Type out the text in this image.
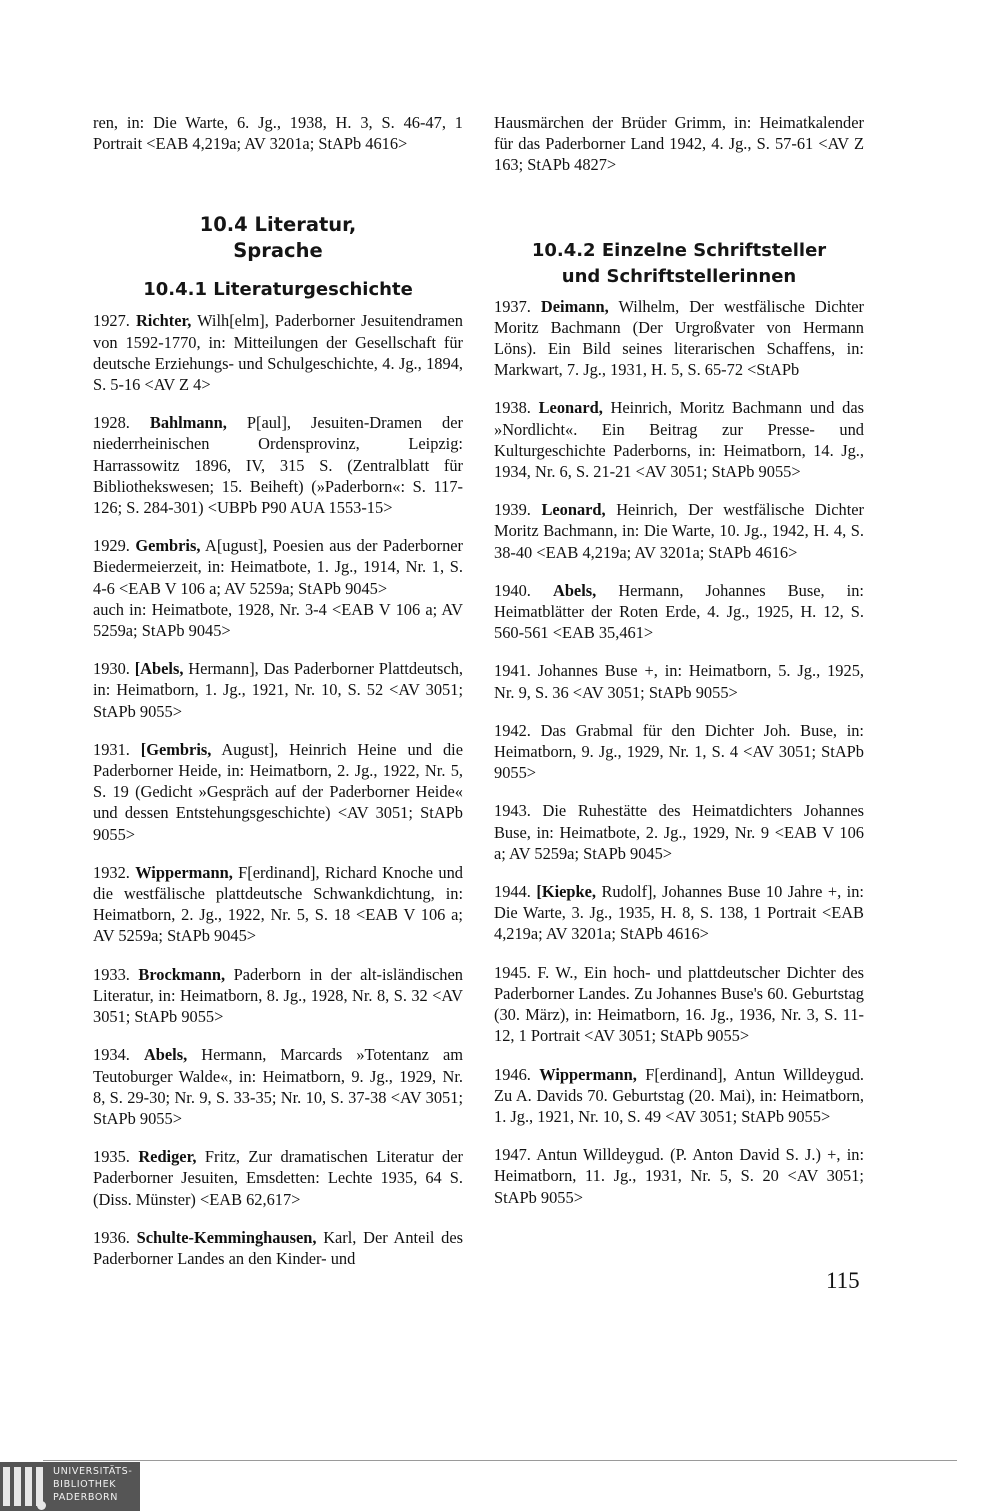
ren, in: Die Warte, 6. Jg., 1938, H. 3, S. 46-47, 1 Portrait <EAB 4,219a; AV 3201a; StAPb 4616>

10.4 Literatur,
Sprache
10.4.1 Literaturgeschichte

1927. Richter, Wilh[elm], Paderborner Jesuitendramen von 1592-1770, in: Mitteilungen der Gesellschaft für deutsche Erziehungs- und Schulgeschichte, 4. Jg., 1894, S. 5-16 <AV Z 4>

1928. Bahlmann, P[aul], Jesuiten-Dramen der niederrheinischen Ordensprovinz, Leipzig: Harrassowitz 1896, IV, 315 S. (Zentralblatt für Bibliothekswesen; 15. Beiheft) (»Paderborn«: S. 117-126; S. 284-301) <UBPb P90 AUA 1553-15>

1929. Gembris, A[ugust], Poesien aus der Paderborner Biedermeierzeit, in: Heimatbote, 1. Jg., 1914, Nr. 1, S. 4-6 <EAB V 106 a; AV 5259a; StAPb 9045>

auch in: Heimatbote, 1928, Nr. 3-4 <EAB V 106 a; AV 5259a; StAPb 9045>

1930. [Abels, Hermann], Das Paderborner Plattdeutsch, in: Heimatborn, 1. Jg., 1921, Nr. 10, S. 52 <AV 3051; StAPb 9055>

1931. [Gembris, August], Heinrich Heine und die Paderborner Heide, in: Heimatborn, 2. Jg., 1922, Nr. 5, S. 19 (Gedicht »Gespräch auf der Paderborner Heide« und dessen Entstehungsgeschichte) <AV 3051; StAPb 9055>

1932. Wippermann, F[erdinand], Richard Knoche und die westfälische plattdeutsche Schwankdichtung, in: Heimatborn, 2. Jg., 1922, Nr. 5, S. 18 <EAB V 106 a; AV 5259a; StAPb 9045>

1933. Brockmann, Paderborn in der alt-isländischen Literatur, in: Heimatborn, 8. Jg., 1928, Nr. 8, S. 32 <AV 3051; StAPb 9055>

1934. Abels, Hermann, Marcards »Totentanz am Teutoburger Walde«, in: Heimatborn, 9. Jg., 1929, Nr. 8, S. 29-30; Nr. 9, S. 33-35; Nr. 10, S. 37-38 <AV 3051; StAPb 9055>

1935. Rediger, Fritz, Zur dramatischen Literatur der Paderborner Jesuiten, Emsdetten: Lechte 1935, 64 S. (Diss. Münster) <EAB 62,617>

1936. Schulte-Kemminghausen, Karl, Der Anteil des Paderborner Landes an den Kinder- und

Hausmärchen der Brüder Grimm, in: Heimatkalender für das Paderborner Land 1942, 4. Jg., S. 57-61 <AV Z 163; StAPb 4827>

10.4.2 Einzelne Schriftsteller
und Schriftstellerinnen

1937. Deimann, Wilhelm, Der westfälische Dichter Moritz Bachmann (Der Urgroßvater von Hermann Löns). Ein Bild seines literarischen Schaffens, in: Markwart, 7. Jg., 1931, H. 5, S. 65-72 <StAPb

1938. Leonard, Heinrich, Moritz Bachmann und das »Nordlicht«. Ein Beitrag zur Presse- und Kulturgeschichte Paderborns, in: Heimatborn, 14. Jg., 1934, Nr. 6, S. 21-21 <AV 3051; StAPb 9055>

1939. Leonard, Heinrich, Der westfälische Dichter Moritz Bachmann, in: Die Warte, 10. Jg., 1942, H. 4, S. 38-40 <EAB 4,219a; AV 3201a; StAPb 4616>

1940. Abels, Hermann, Johannes Buse, in: Heimatblätter der Roten Erde, 4. Jg., 1925, H. 12, S. 560-561 <EAB 35,461>

1941. Johannes Buse +, in: Heimatborn, 5. Jg., 1925, Nr. 9, S. 36 <AV 3051; StAPb 9055>

1942. Das Grabmal für den Dichter Joh. Buse, in: Heimatborn, 9. Jg., 1929, Nr. 1, S. 4 <AV 3051; StAPb 9055>

1943. Die Ruhestätte des Heimatdichters Johannes Buse, in: Heimatbote, 2. Jg., 1929, Nr. 9 <EAB V 106 a; AV 5259a; StAPb 9045>

1944. [Kiepke, Rudolf], Johannes Buse 10 Jahre +, in: Die Warte, 3. Jg., 1935, H. 8, S. 138, 1 Portrait <EAB 4,219a; AV 3201a; StAPb 4616>

1945. F. W., Ein hoch- und plattdeutscher Dichter des Paderborner Landes. Zu Johannes Buse's 60. Geburtstag (30. März), in: Heimatborn, 16. Jg., 1936, Nr. 3, S. 11-12, 1 Portrait <AV 3051; StAPb 9055>

1946. Wippermann, F[erdinand], Antun Willdeygud. Zu A. Davids 70. Geburtstag (20. Mai), in: Heimatborn, 1. Jg., 1921, Nr. 10, S. 49 <AV 3051; StAPb 9055>

1947. Antun Willdeygud. (P. Anton David S. J.) +, in: Heimatborn, 11. Jg., 1931, Nr. 5, S. 20 <AV 3051; StAPb 9055>

115
UNIVERSITÄTS-
BIBLIOTHEK
PADERBORN
